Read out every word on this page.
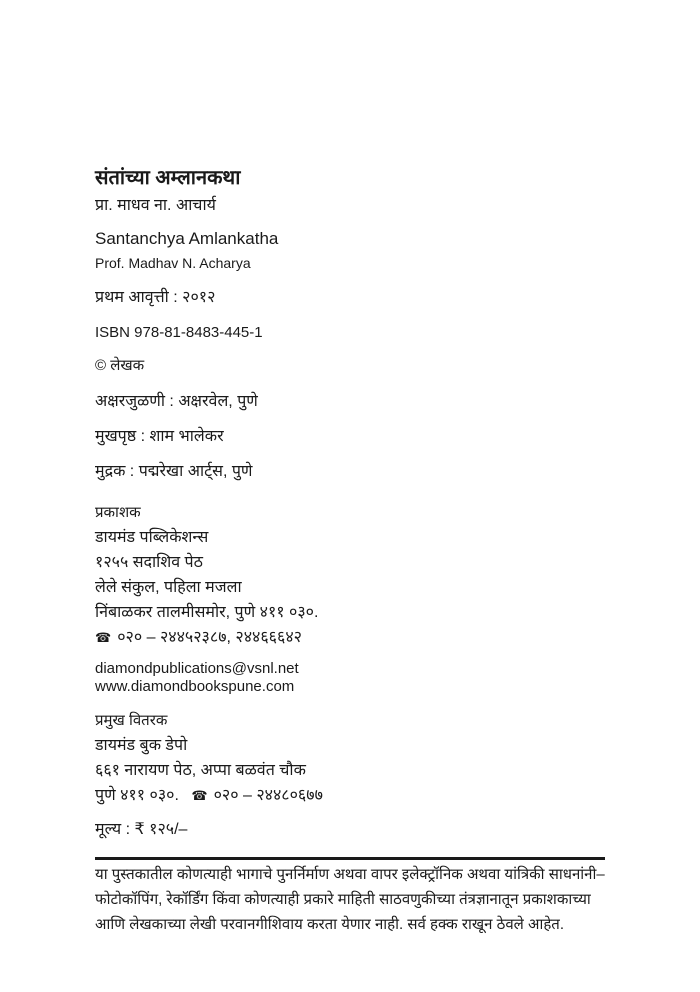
संतांच्या अम्लानकथा
प्रा. माधव ना. आचार्य
Santanchya Amlankatha
Prof. Madhav N. Acharya
प्रथम आवृत्ती : २०१२
ISBN 978-81-8483-445-1
© लेखक
अक्षरजुळणी : अक्षरवेल, पुणे
मुखपृष्ठ : शाम भालेकर
मुद्रक : पद्मरेखा आर्ट्स, पुणे
प्रकाशक
डायमंड पब्लिकेशन्स
१२५५ सदाशिव पेठ
लेले संकुल, पहिला मजला
निंबाळकर तालमीसमोर, पुणे ४११ ०३०.
☎ ०२० – २४४५२३८७, २४४६६६४२
diamondpublications@vsnl.net
www.diamondbookspune.com
प्रमुख वितरक
डायमंड बुक डेपो
६६१ नारायण पेठ, अप्पा बळवंत चौक
पुणे ४११ ०३०. ☎ ०२० – २४४८०६७७
मूल्य : ₹ १२५/–
या पुस्तकातील कोणत्याही भागाचे पुनर्निर्माण अथवा वापर इलेक्ट्रॉनिक अथवा यांत्रिकी साधनांनी–
फोटोकॉपिंग, रेकॉर्डिंग किंवा कोणत्याही प्रकारे माहिती साठवणुकीच्या तंत्रज्ञानातून प्रकाशकाच्या
आणि लेखकाच्या लेखी परवानगीशिवाय करता येणार नाही. सर्व हक्क राखून ठेवले आहेत.
